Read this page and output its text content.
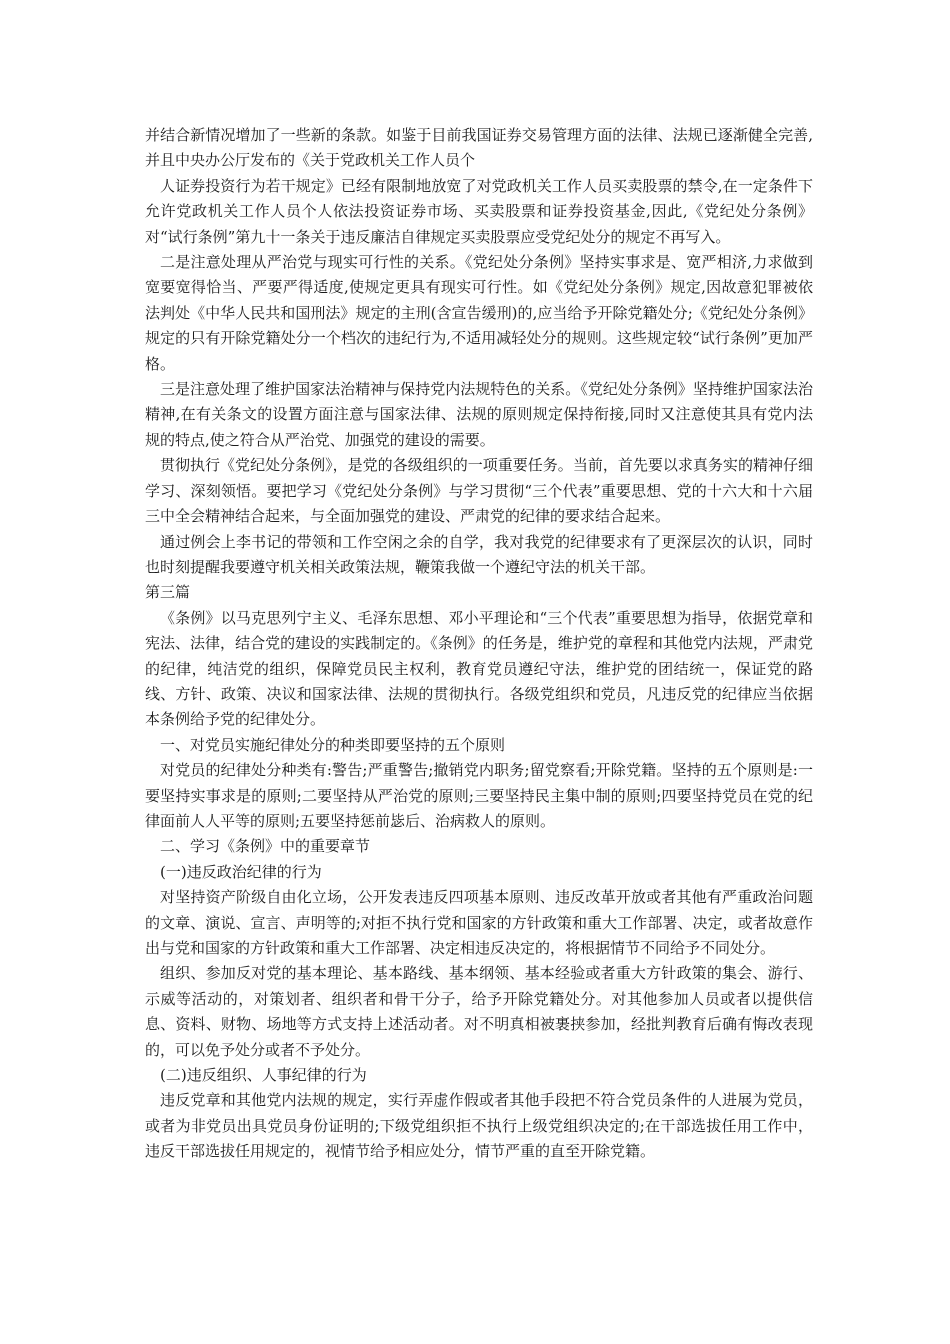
并结合新情况增加了一些新的条款。如鉴于目前我国证券交易管理方面的法律、法规已逐渐健全完善,并且中央办公厅发布的《关于党政机关工作人员个

人证券投资行为若干规定》已经有限制地放宽了对党政机关工作人员买卖股票的禁令,在一定条件下允许党政机关工作人员个人依法投资证券市场、买卖股票和证券投资基金,因此,《党纪处分条例》对“试行条例”第九十一条关于违反廉洁自律规定买卖股票应受党纪处分的规定不再写入。

二是注意处理从严治党与现实可行性的关系。《党纪处分条例》坚持实事求是、宽严相济,力求做到宽要宽得恰当、严要严得适度,使规定更具有现实可行性。如《党纪处分条例》规定,因故意犯罪被依法判处《中华人民共和国刑法》规定的主刑(含宣告缓刑)的,应当给予开除党籍处分;《党纪处分条例》规定的只有开除党籍处分一个档次的违纪行为,不适用减轻处分的规则。这些规定较“试行条例”更加严格。

三是注意处理了维护国家法治精神与保持党内法规特色的关系。《党纪处分条例》坚持维护国家法治精神,在有关条文的设置方面注意与国家法律、法规的原则规定保持衔接,同时又注意使其具有党内法规的特点,使之符合从严治党、加强党的建设的需要。

贯彻执行《党纪处分条例》，是党的各级组织的一项重要任务。当前，首先要以求真务实的精神仔细学习、深刻领悟。要把学习《党纪处分条例》与学习贯彻“三个代表”重要思想、党的十六大和十六届三中全会精神结合起来，与全面加强党的建设、严肃党的纪律的要求结合起来。

通过例会上李书记的带领和工作空闲之余的自学，我对我党的纪律要求有了更深层次的认识，同时也时刻提醒我要遵守机关相关政策法规，鞭策我做一个遵纪守法的机关干部。

第三篇

《条例》以马克思列宁主义、毛泽东思想、邓小平理论和“三个代表”重要思想为指导，依据党章和宪法、法律，结合党的建设的实践制定的。《条例》的任务是，维护党的章程和其他党内法规，严肃党的纪律，纯洁党的组织，保障党员民主权利，教育党员遵纪守法，维护党的团结统一，保证党的路线、方针、政策、决议和国家法律、法规的贯彻执行。各级党组织和党员，凡违反党的纪律应当依据本条例给予党的纪律处分。

一、对党员实施纪律处分的种类即要坚持的五个原则

对党员的纪律处分种类有:警告;严重警告;撤销党内职务;留党察看;开除党籍。坚持的五个原则是:一要坚持实事求是的原则;二要坚持从严治党的原则;三要坚持民主集中制的原则;四要坚持党员在党的纪律面前人人平等的原则;五要坚持惩前毖后、治病救人的原则。

二、学习《条例》中的重要章节

(一)违反政治纪律的行为

对坚持资产阶级自由化立场，公开发表违反四项基本原则、违反改革开放或者其他有严重政治问题的文章、演说、宣言、声明等的;对拒不执行党和国家的方针政策和重大工作部署、决定，或者故意作出与党和国家的方针政策和重大工作部署、决定相违反决定的，将根据情节不同给予不同处分。

组织、参加反对党的基本理论、基本路线、基本纲领、基本经验或者重大方针政策的集会、游行、示威等活动的，对策划者、组织者和骨干分子，给予开除党籍处分。对其他参加人员或者以提供信息、资料、财物、场地等方式支持上述活动者。对不明真相被裹挟参加，经批判教育后确有悔改表现的，可以免予处分或者不予处分。

(二)违反组织、人事纪律的行为

违反党章和其他党内法规的规定，实行弄虚作假或者其他手段把不符合党员条件的人进展为党员，或者为非党员出具党员身份证明的;下级党组织拒不执行上级党组织决定的;在干部选拔任用工作中，违反干部选拔任用规定的，视情节给予相应处分，情节严重的直至开除党籍。
